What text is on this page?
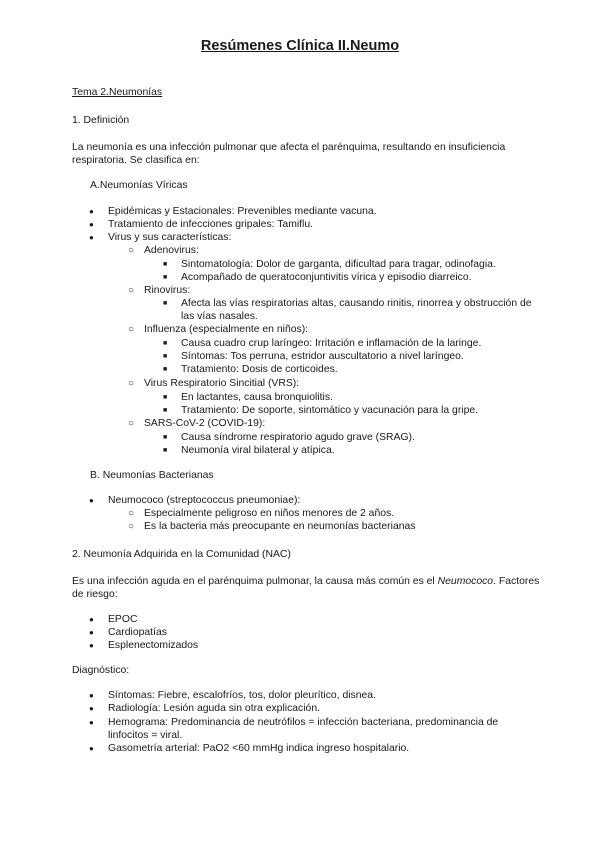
Resúmenes Clínica II.Neumo
Tema 2.Neumonías
1. Definición
La neumonía es una infección pulmonar que afecta el parénquima, resultando en insuficiencia
respiratoria. Se clasifica en:
A.Neumonías Víricas
● Epidémicas y Estacionales: Prevenibles mediante vacuna.
● Tratamiento de infecciones gripales: Tamiflu.
● Virus y sus características:
○ Adenovirus:
■ Sintomatología: Dolor de garganta, dificultad para tragar, odinofagia.
■ Acompañado de queratoconjuntivitis vírica y episodio diarreico.
○ Rinovirus:
■ Afecta las vías respiratorias altas, causando rinitis, rinorrea y obstrucción de
las vías nasales.
○ Influenza (especialmente en niños):
■ Causa cuadro crup laríngeo: Irritación e inflamación de la laringe.
■ Síntomas: Tos perruna, estridor auscultatorio a nivel laríngeo.
■ Tratamiento: Dosis de corticoides.
○ Virus Respiratorio Sincitial (VRS):
■ En lactantes, causa bronquiolitis.
■ Tratamiento: De soporte, sintomático y vacunación para la gripe.
○ SARS-CoV-2 (COVID-19):
■ Causa síndrome respiratorio agudo grave (SRAG).
■ Neumonía viral bilateral y atípica.
B. Neumonías Bacterianas
● Neumococo (streptococcus pneumoniae):
○ Especialmente peligroso en niños menores de 2 años.
○ Es la bacteria más preocupante en neumonías bacterianas
2. Neumonía Adquirida en la Comunidad (NAC)
Es una infección aguda en el parénquima pulmonar, la causa más común es el Neumococo. Factores
de riesgo:
● EPOC
● Cardiopatías
● Esplenectomizados
Diagnóstico:
● Síntomas: Fiebre, escalofríos, tos, dolor pleurítico, disnea.
● Radiología: Lesión aguda sin otra explicación.
● Hemograma: Predominancia de neutrófilos = infección bacteriana, predominancia de
linfocitos = viral.
● Gasometría arterial: PaO2 <60 mmHg indica ingreso hospitalario.
